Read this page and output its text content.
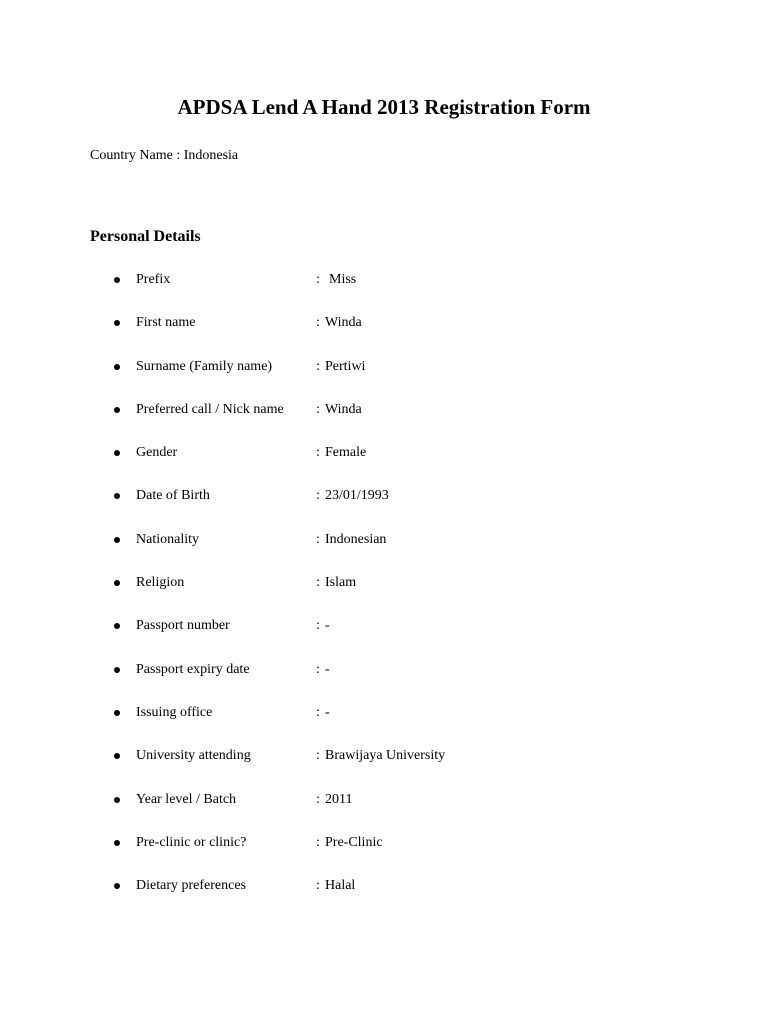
APDSA Lend A Hand 2013 Registration Form
Country Name : Indonesia
Personal Details
Prefix	: Miss
First name	: Winda
Surname (Family name)	: Pertiwi
Preferred call / Nick name : Winda
Gender	: Female
Date of Birth	: 23/01/1993
Nationality	: Indonesian
Religion	: Islam
Passport number	: -
Passport expiry date	: -
Issuing office	: -
University attending	: Brawijaya University
Year level / Batch	: 2011
Pre-clinic or clinic?	: Pre-Clinic
Dietary preferences	: Halal
